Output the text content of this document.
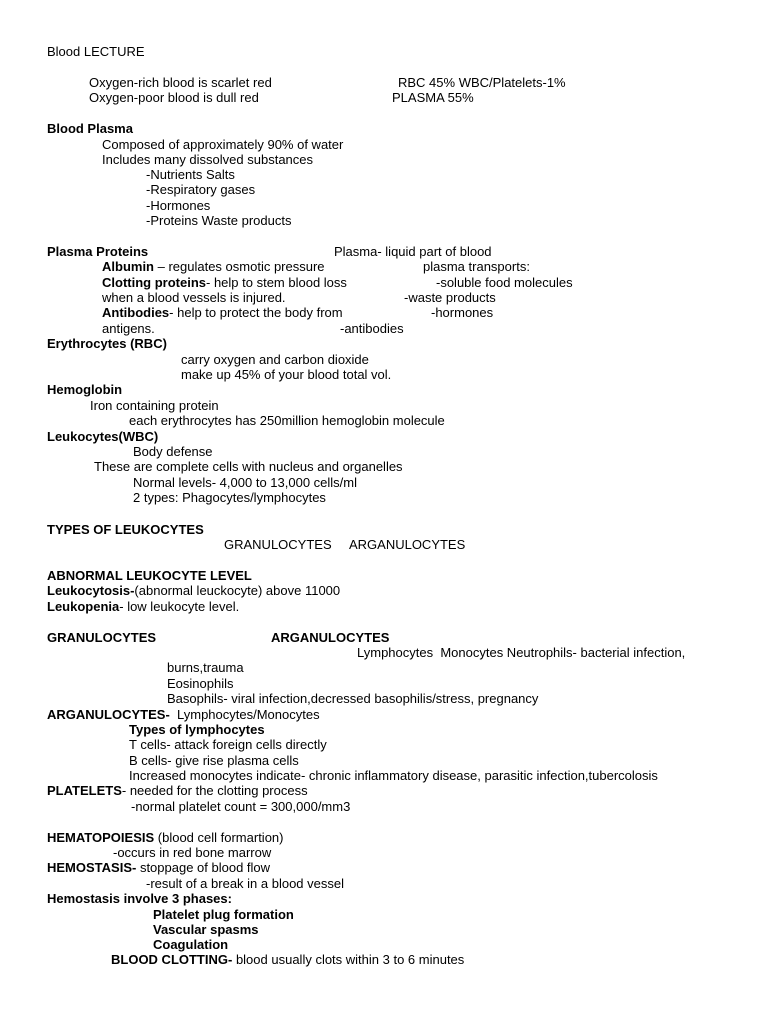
Blood LECTURE
Oxygen-rich blood is scarlet red	RBC 45% WBC/Platelets-1%
Oxygen-poor blood is dull red	PLASMA 55%
Blood Plasma
Composed of approximately 90% of water
Includes many dissolved substances
-Nutrients Salts
-Respiratory gases
-Hormones
-Proteins Waste products
Plasma Proteins	Plasma- liquid part of blood
Albumin – regulates osmotic pressure	plasma transports:
Clotting proteins- help to stem blood loss	-soluble food molecules
when a blood vessels is injured.	-waste products
Antibodies- help to protect the body from	-hormones
antigens.	-antibodies
Erythrocytes (RBC)
carry oxygen and carbon dioxide
make up 45% of your blood total vol.
Hemoglobin
Iron containing protein
each erythrocytes has 250million hemoglobin molecule
Leukocytes(WBC)
Body defense
These are complete cells with nucleus and organelles
Normal levels- 4,000 to 13,000 cells/ml
2 types: Phagocytes/lymphocytes
TYPES OF LEUKOCYTES
GRANULOCYTES     ARGANULOCYTES
ABNORMAL LEUKOCYTE LEVEL
Leukocytosis-(abnormal leuckocyte) above 11000
Leukopenia- low leukocyte level.
GRANULOCYTES	ARGANULOCYTES
Lymphocytes  Monocytes Neutrophils- bacterial infection,
burns,trauma
Eosinophils
Basophils- viral infection,decressed basophilis/stress, pregnancy
ARGANULOCYTES-  Lymphocytes/Monocytes
Types of lymphocytes
T cells- attack foreign cells directly
B cells- give rise plasma cells
Increased monocytes indicate- chronic inflammatory disease, parasitic infection,tubercolosis
PLATELETS- needed for the clotting process
-normal platelet count = 300,000/mm3
HEMATOPOIESIS (blood cell formartion)
-occurs in red bone marrow
HEMOSTASIS- stoppage of blood flow
-result of a break in a blood vessel
Hemostasis involve 3 phases:
Platelet plug formation
Vascular spasms
Coagulation
BLOOD CLOTTING- blood usually clots within 3 to 6 minutes
